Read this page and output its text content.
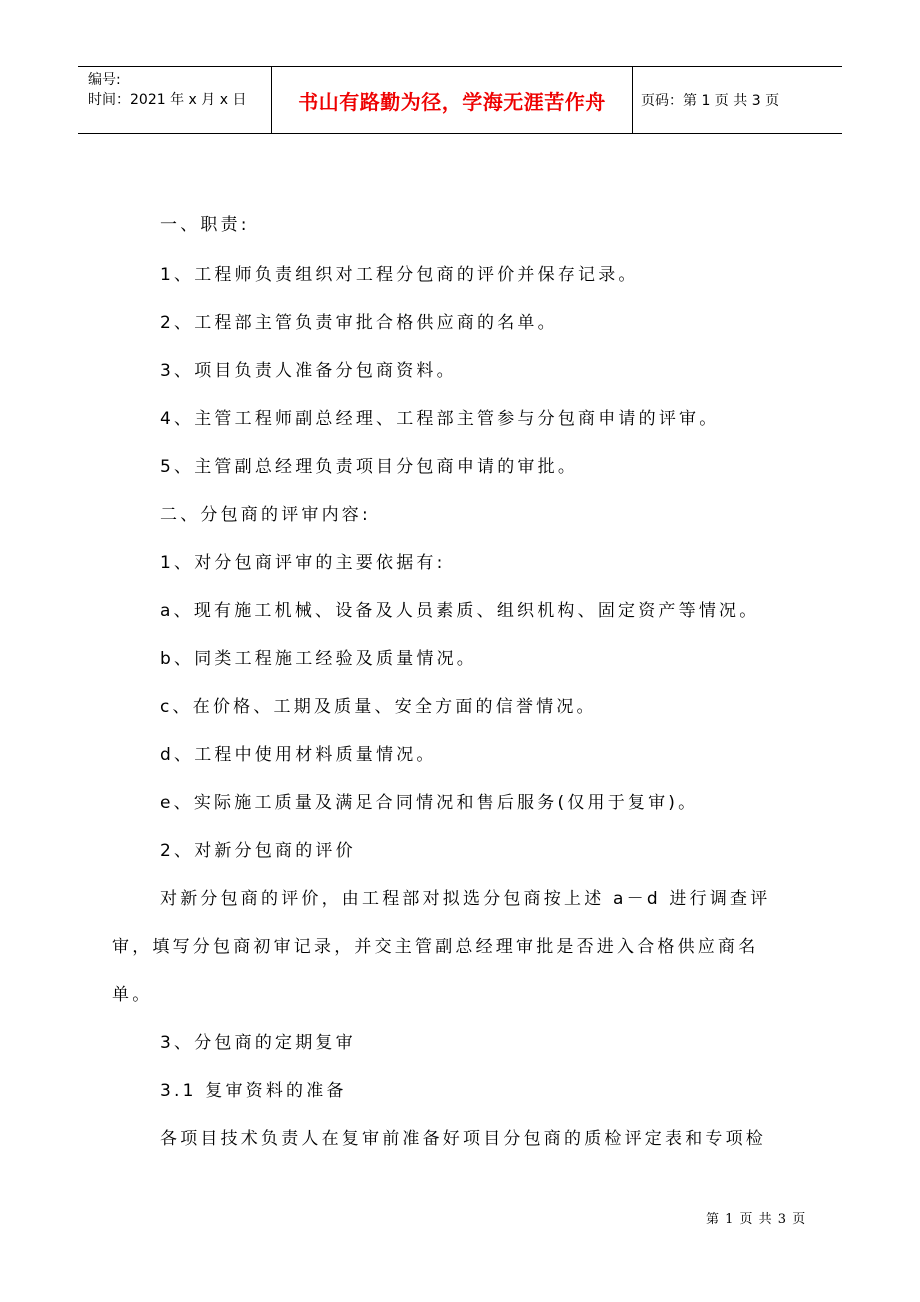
编号:
时间：2021 年 x 月 x 日	书山有路勤为径，学海无涯苦作舟	页码：第 1 页 共 3 页
一、职责:
1、工程师负责组织对工程分包商的评价并保存记录。
2、工程部主管负责审批合格供应商的名单。
3、项目负责人准备分包商资料。
4、主管工程师副总经理、工程部主管参与分包商申请的评审。
5、主管副总经理负责项目分包商申请的审批。
二、分包商的评审内容:
1、对分包商评审的主要依据有:
a、现有施工机械、设备及人员素质、组织机构、固定资产等情况。
b、同类工程施工经验及质量情况。
c、在价格、工期及质量、安全方面的信誉情况。
d、工程中使用材料质量情况。
e、实际施工质量及满足合同情况和售后服务(仅用于复审)。
2、对新分包商的评价
对新分包商的评价，由工程部对拟选分包商按上述 a－d 进行调查评
审，填写分包商初审记录，并交主管副总经理审批是否进入合格供应商名
单。
3、分包商的定期复审
3.1 复审资料的准备
各项目技术负责人在复审前准备好项目分包商的质检评定表和专项检
第 1 页 共 3 页
